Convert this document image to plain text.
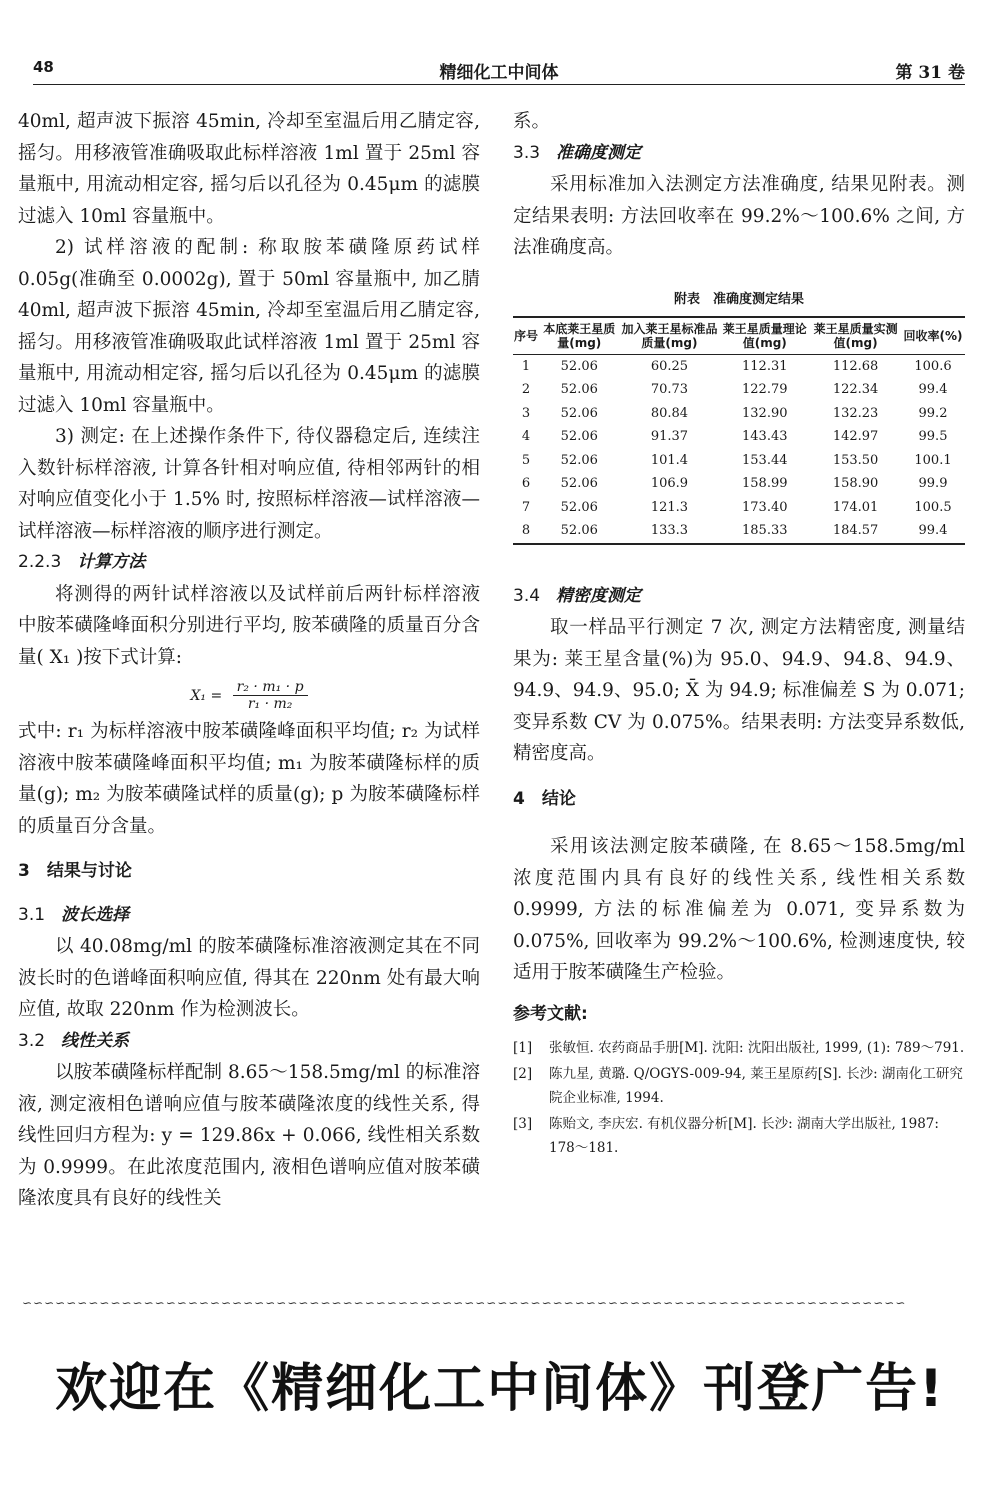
48	精细化工中间体	第 31 卷

40ml, 超声波下振溶 45min, 冷却至室温后用乙腈定容, 摇匀。用移液管准确吸取此标样溶液 1ml 置于 25ml 容量瓶中, 用流动相定容, 摇匀后以孔径为 0.45μm 的滤膜过滤入 10ml 容量瓶中。

2) 试样溶液的配制: 称取胺苯磺隆原药试样 0.05g(准确至 0.0002g), 置于 50ml 容量瓶中, 加乙腈 40ml, 超声波下振溶 45min, 冷却至室温后用乙腈定容, 摇匀。用移液管准确吸取此试样溶液 1ml 置于 25ml 容量瓶中, 用流动相定容, 摇匀后以孔径为 0.45μm 的滤膜过滤入 10ml 容量瓶中。

3) 测定: 在上述操作条件下, 待仪器稳定后, 连续注入数针标样溶液, 计算各针相对响应值, 待相邻两针的相对响应值变化小于 1.5% 时, 按照标样溶液—试样溶液—试样溶液—标样溶液的顺序进行测定。

2.2.3 计算方法

将测得的两针试样溶液以及试样前后两针标样溶液中胺苯磺隆峰面积分别进行平均, 胺苯磺隆的质量百分含量( X₁ )按下式计算:

$X_1 = \frac{\text{r₂ · m₁ · p}}{\text{r₁ · m₂}}$

式中: r₁ 为标样溶液中胺苯磺隆峰面积平均值; r₂ 为试样溶液中胺苯磺隆峰面积平均值; m₁ 为胺苯磺隆标样的质量(g); m₂ 为胺苯磺隆试样的质量(g); p 为胺苯磺隆标样的质量百分含量。

3　 结果与讨论
3.1 波长选择

以 40.08mg/ml 的胺苯磺隆标准溶液测定其在不同波长时的色谱峰面积响应值, 得其在 220nm 处有最大响应值, 故取 220nm 作为检测波长。

3.2 线性关系

以胺苯磺隆标样配制 8.65～158.5mg/ml 的标准溶液, 测定液相色谱响应值与胺苯磺隆浓度的线性关系, 得线性回归方程为: y = 129.86x + 0.066, 线性相关系数为 0.9999。在此浓度范围内, 液相色谱响应值对胺苯磺隆浓度具有良好的线性关

系。

3.3 准确度测定

采用标准加入法测定方法准确度, 结果见附表。测定结果表明: 方法回收率在 99.2%～100.6% 之间, 方法准确度高。

附表　准确度测定结果
序号	本底莱王星质量(mg)	加入莱王星标准品质量(mg)	莱王星质量理论值(mg)	莱王星质量实测值(mg)	回收率(%)
1	52.06	60.25	112.31	112.68	100.6
2	52.06	70.73	122.79	122.34	99.4
3	52.06	80.84	132.90	132.23	99.2
4	52.06	91.37	143.43	142.97	99.5
5	52.06	101.4	153.44	153.50	100.1
6	52.06	106.9	158.99	158.90	99.9
7	52.06	121.3	173.40	174.01	100.5
8	52.06	133.3	185.33	184.57	99.4
3.4 精密度测定

取一样品平行测定 7 次, 测定方法精密度, 测量结果为: 莱王星含量(%)为 95.0、94.9、94.8、94.9、94.9、94.9、95.0; X̄ 为 94.9; 标准偏差 S 为 0.071; 变异系数 CV 为 0.075%。结果表明: 方法变异系数低, 精密度高。

4　 结论

采用该法测定胺苯磺隆, 在 8.65～158.5mg/ml 浓度范围内具有良好的线性关系, 线性相关系数 0.9999, 方法的标准偏差为 0.071, 变异系数为 0.075%, 回收率为 99.2%～100.6%, 检测速度快, 较适用于胺苯磺隆生产检验。

参考文献:
[1]	张敏恒. 农药商品手册[M]. 沈阳: 沈阳出版社, 1999, (1): 789～791.
[2]	陈九星, 黄璐. Q/OGYS-009-94, 莱王星原药[S]. 长沙: 湖南化工研究院企业标准, 1994.
[3]	陈贻文, 李庆宏. 有机仪器分析[M]. 长沙: 湖南大学出版社, 1987: 178～181.
∽∽∽∽∽∽∽∽∽∽∽∽∽∽∽∽∽∽∽∽∽∽∽∽∽∽∽∽∽∽∽∽∽∽∽∽∽∽∽∽∽∽∽∽∽∽∽∽∽∽∽∽∽∽∽∽∽∽∽∽∽∽∽∽∽∽∽∽∽∽∽∽∽∽∽∽∽∽∽∽
欢迎在《精细化工中间体》刊登广告!
